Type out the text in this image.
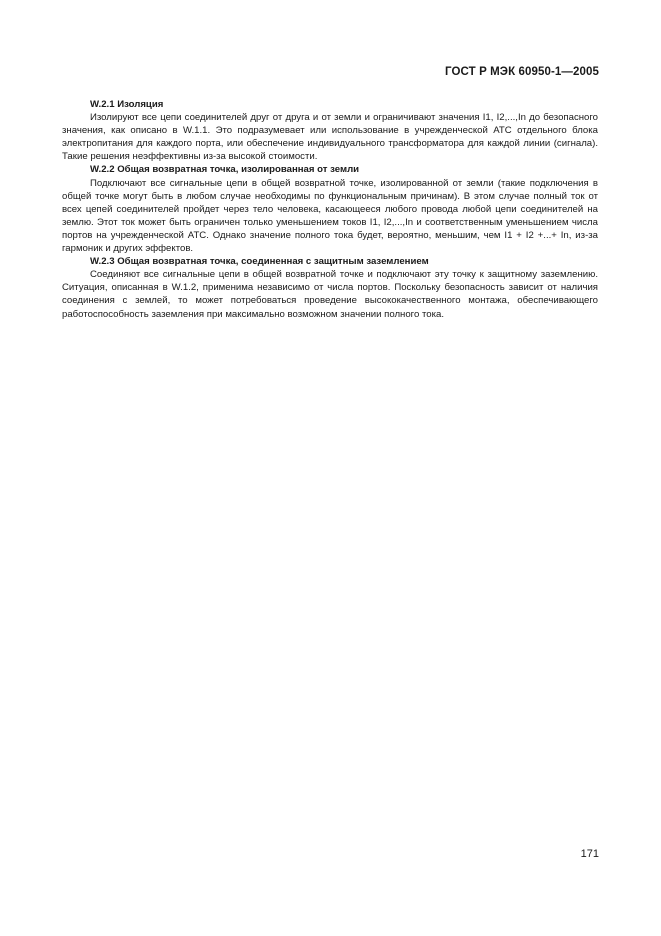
ГОСТ Р МЭК 60950-1—2005

W.2.1 Изоляция

Изолируют все цепи соединителей друг от друга и от земли и ограничивают значения I1, I2,...,In до безопасного значения, как описано в W.1.1. Это подразумевает или использование в учрежденческой АТС отдельного блока электропитания для каждого порта, или обеспечение индивидуального трансформатора для каждой линии (сигнала). Такие решения неэффективны из-за высокой стоимости.

W.2.2 Общая возвратная точка, изолированная от земли

Подключают все сигнальные цепи в общей возвратной точке, изолированной от земли (такие подключения в общей точке могут быть в любом случае необходимы по функциональным причинам). В этом случае полный ток от всех цепей соединителей пройдет через тело человека, касающееся любого провода любой цепи соединителей на землю. Этот ток может быть ограничен только уменьшением токов I1, I2,...,In и соответственным уменьшением числа портов на учрежденческой АТС. Однако значение полного тока будет, вероятно, меньшим, чем I1 + I2 +...+ In, из-за гармоник и других эффектов.

W.2.3 Общая возвратная точка, соединенная с защитным заземлением

Соединяют все сигнальные цепи в общей возвратной точке и подключают эту точку к защитному заземлению. Ситуация, описанная в W.1.2, применима независимо от числа портов. Поскольку безопасность зависит от наличия соединения с землей, то может потребоваться проведение высококачественного монтажа, обеспечивающего работоспособность заземления при максимально возможном значении полного тока.

171
